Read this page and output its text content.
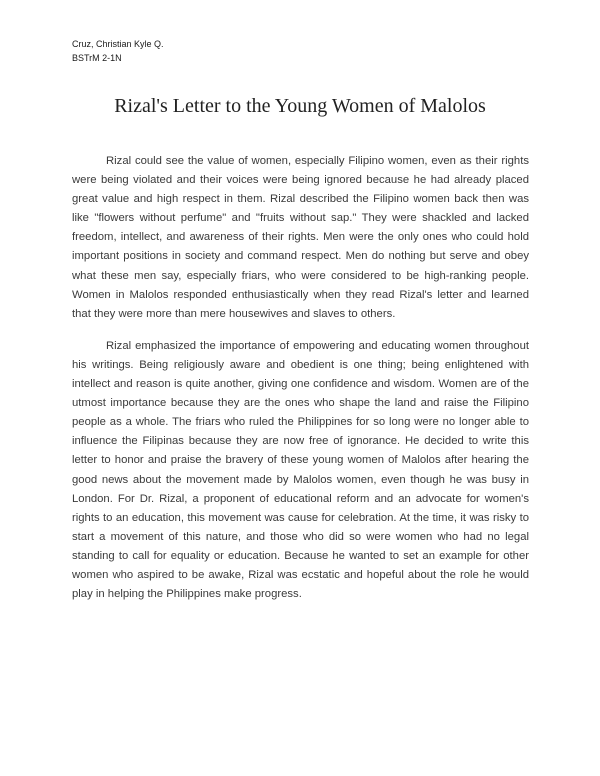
Cruz, Christian Kyle Q.
BSTrM 2-1N
Rizal's Letter to the Young Women of Malolos

Rizal could see the value of women, especially Filipino women, even as their rights were being violated and their voices were being ignored because he had already placed great value and high respect in them. Rizal described the Filipino women back then was like "flowers without perfume" and "fruits without sap." They were shackled and lacked freedom, intellect, and awareness of their rights. Men were the only ones who could hold important positions in society and command respect. Men do nothing but serve and obey what these men say, especially friars, who were considered to be high-ranking people. Women in Malolos responded enthusiastically when they read Rizal's letter and learned that they were more than mere housewives and slaves to others.

Rizal emphasized the importance of empowering and educating women throughout his writings. Being religiously aware and obedient is one thing; being enlightened with intellect and reason is quite another, giving one confidence and wisdom. Women are of the utmost importance because they are the ones who shape the land and raise the Filipino people as a whole. The friars who ruled the Philippines for so long were no longer able to influence the Filipinas because they are now free of ignorance. He decided to write this letter to honor and praise the bravery of these young women of Malolos after hearing the good news about the movement made by Malolos women, even though he was busy in London. For Dr. Rizal, a proponent of educational reform and an advocate for women's rights to an education, this movement was cause for celebration. At the time, it was risky to start a movement of this nature, and those who did so were women who had no legal standing to call for equality or education. Because he wanted to set an example for other women who aspired to be awake, Rizal was ecstatic and hopeful about the role he would play in helping the Philippines make progress.
